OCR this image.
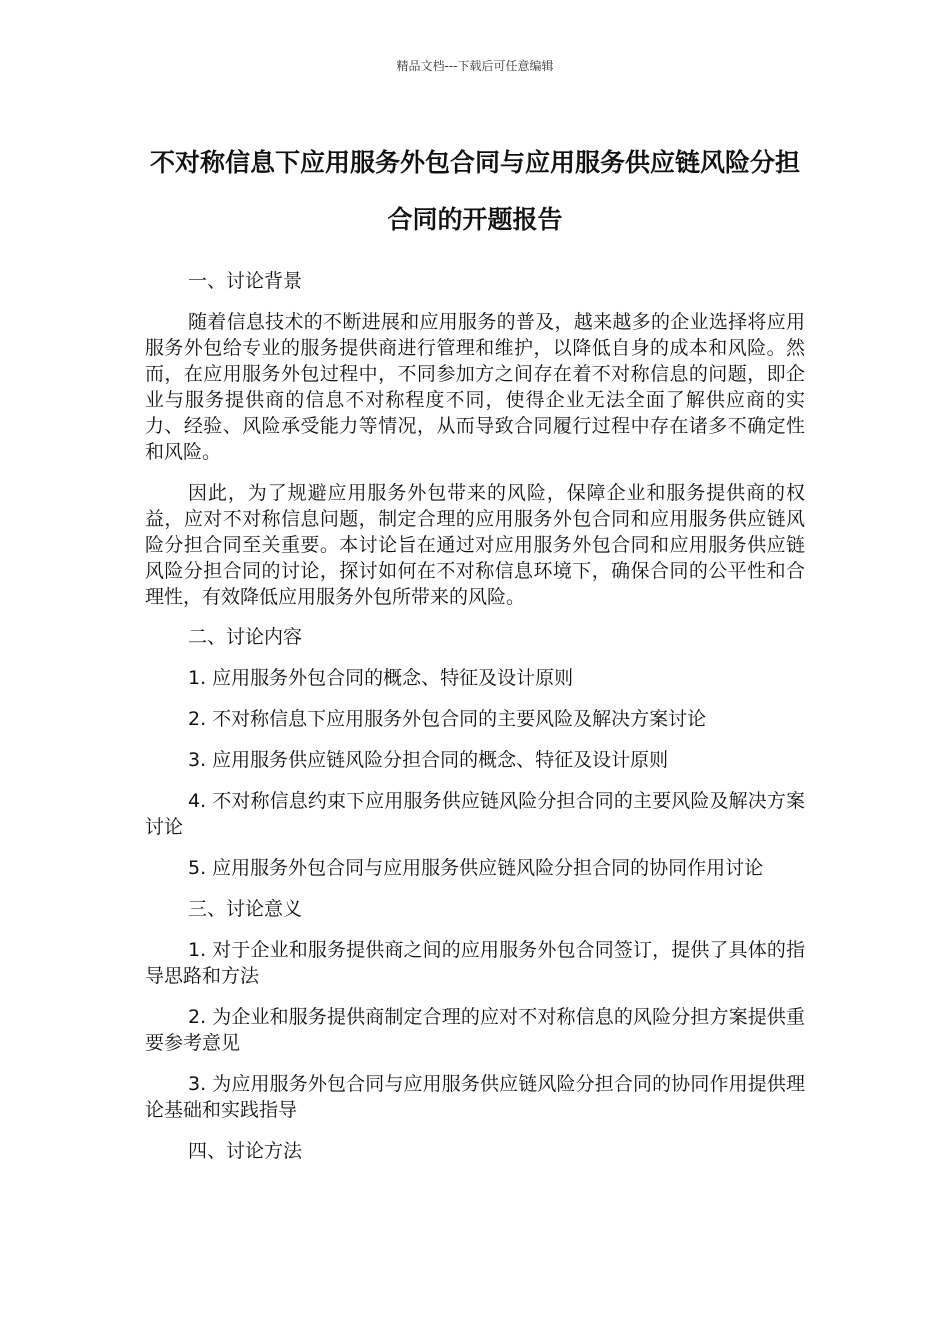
精品文档---下载后可任意编辑
不对称信息下应用服务外包合同与应用服务供应链风险分担合同的开题报告

一、讨论背景

随着信息技术的不断进展和应用服务的普及，越来越多的企业选择将应用服务外包给专业的服务提供商进行管理和维护，以降低自身的成本和风险。然而，在应用服务外包过程中，不同参加方之间存在着不对称信息的问题，即企业与服务提供商的信息不对称程度不同，使得企业无法全面了解供应商的实力、经验、风险承受能力等情况，从而导致合同履行过程中存在诸多不确定性和风险。

因此，为了规避应用服务外包带来的风险，保障企业和服务提供商的权益，应对不对称信息问题，制定合理的应用服务外包合同和应用服务供应链风险分担合同至关重要。本讨论旨在通过对应用服务外包合同和应用服务供应链风险分担合同的讨论，探讨如何在不对称信息环境下，确保合同的公平性和合理性，有效降低应用服务外包所带来的风险。

二、讨论内容

1. 应用服务外包合同的概念、特征及设计原则

2. 不对称信息下应用服务外包合同的主要风险及解决方案讨论

3. 应用服务供应链风险分担合同的概念、特征及设计原则

4. 不对称信息约束下应用服务供应链风险分担合同的主要风险及解决方案讨论

5. 应用服务外包合同与应用服务供应链风险分担合同的协同作用讨论

三、讨论意义

1. 对于企业和服务提供商之间的应用服务外包合同签订，提供了具体的指导思路和方法

2. 为企业和服务提供商制定合理的应对不对称信息的风险分担方案提供重要参考意见

3. 为应用服务外包合同与应用服务供应链风险分担合同的协同作用提供理论基础和实践指导

四、讨论方法
